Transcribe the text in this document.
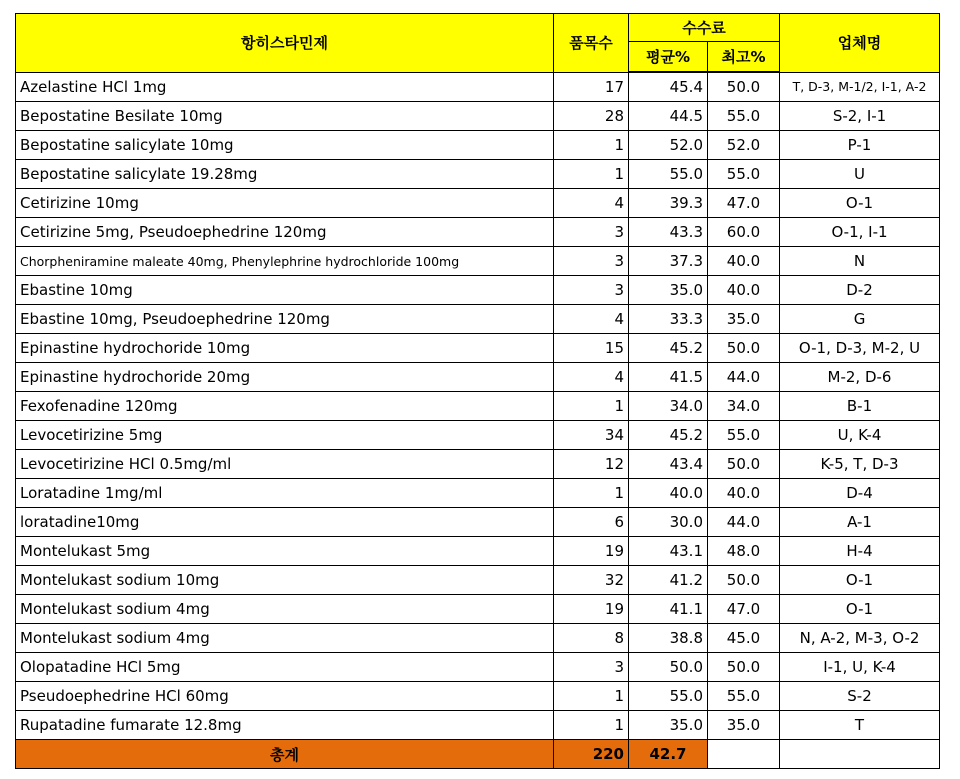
항히스타민제	품목수	수수료		업체명
		평균%	최고%	
Azelastine HCl 1mg	17	45.4	50.0	T, D-3, M-1/2, I-1, A-2
Bepostatine Besilate 10mg	28	44.5	55.0	S-2, I-1
Bepostatine salicylate 10mg	1	52.0	52.0	P-1
Bepostatine salicylate 19.28mg	1	55.0	55.0	U
Cetirizine 10mg	4	39.3	47.0	O-1
Cetirizine 5mg, Pseudoephedrine 120mg	3	43.3	60.0	O-1, I-1
Chorpheniramine maleate 40mg, Phenylephrine hydrochloride 100mg	3	37.3	40.0	N
Ebastine 10mg	3	35.0	40.0	D-2
Ebastine 10mg, Pseudoephedrine 120mg	4	33.3	35.0	G
Epinastine hydrochoride 10mg	15	45.2	50.0	O-1, D-3, M-2, U
Epinastine hydrochoride 20mg	4	41.5	44.0	M-2, D-6
Fexofenadine 120mg	1	34.0	34.0	B-1
Levocetirizine 5mg	34	45.2	55.0	U, K-4
Levocetirizine HCl 0.5mg/ml	12	43.4	50.0	K-5, T, D-3
Loratadine 1mg/ml	1	40.0	40.0	D-4
loratadine10mg	6	30.0	44.0	A-1
Montelukast 5mg	19	43.1	48.0	H-4
Montelukast sodium 10mg	32	41.2	50.0	O-1
Montelukast sodium 4mg	19	41.1	47.0	O-1
Montelukast sodium 4mg	8	38.8	45.0	N, A-2, M-3, O-2
Olopatadine HCl 5mg	3	50.0	50.0	I-1, U, K-4
Pseudoephedrine HCl 60mg	1	55.0	55.0	S-2
Rupatadine fumarate 12.8mg	1	35.0	35.0	T
총계	220	42.7		
